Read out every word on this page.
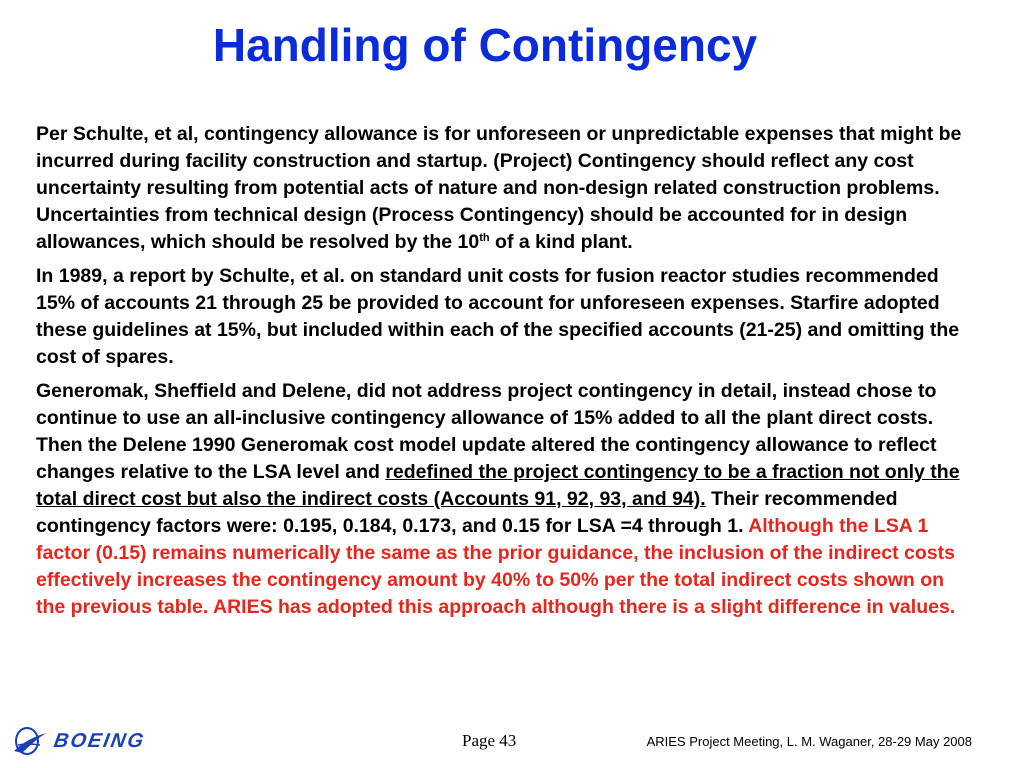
Handling of Contingency

Per Schulte, et al, contingency allowance is for unforeseen or unpredictable expenses that might be incurred during facility construction and startup. (Project) Contingency should reflect any cost uncertainty resulting from potential acts of nature and non-design related construction problems. Uncertainties from technical design (Process Contingency) should be accounted for in design allowances, which should be resolved by the 10th of a kind plant.

In 1989, a report by Schulte, et al. on standard unit costs for fusion reactor studies recommended 15% of accounts 21 through 25 be provided to account for unforeseen expenses. Starfire adopted these guidelines at 15%, but included within each of the specified accounts (21-25) and omitting the cost of spares.

Generomak, Sheffield and Delene, did not address project contingency in detail, instead chose to continue to use an all-inclusive contingency allowance of 15% added to all the plant direct costs. Then the Delene 1990 Generomak cost model update altered the contingency allowance to reflect changes relative to the LSA level and redefined the project contingency to be a fraction not only the total direct cost but also the indirect costs (Accounts 91, 92, 93, and 94). Their recommended contingency factors were: 0.195, 0.184, 0.173, and 0.15 for LSA =4 through 1. Although the LSA 1 factor (0.15) remains numerically the same as the prior guidance, the inclusion of the indirect costs effectively increases the contingency amount by 40% to 50% per the total indirect costs shown on the previous table. ARIES has adopted this approach although there is a slight difference in values.

BOEING	Page 43	ARIES Project Meeting, L. M. Waganer, 28-29 May 2008
